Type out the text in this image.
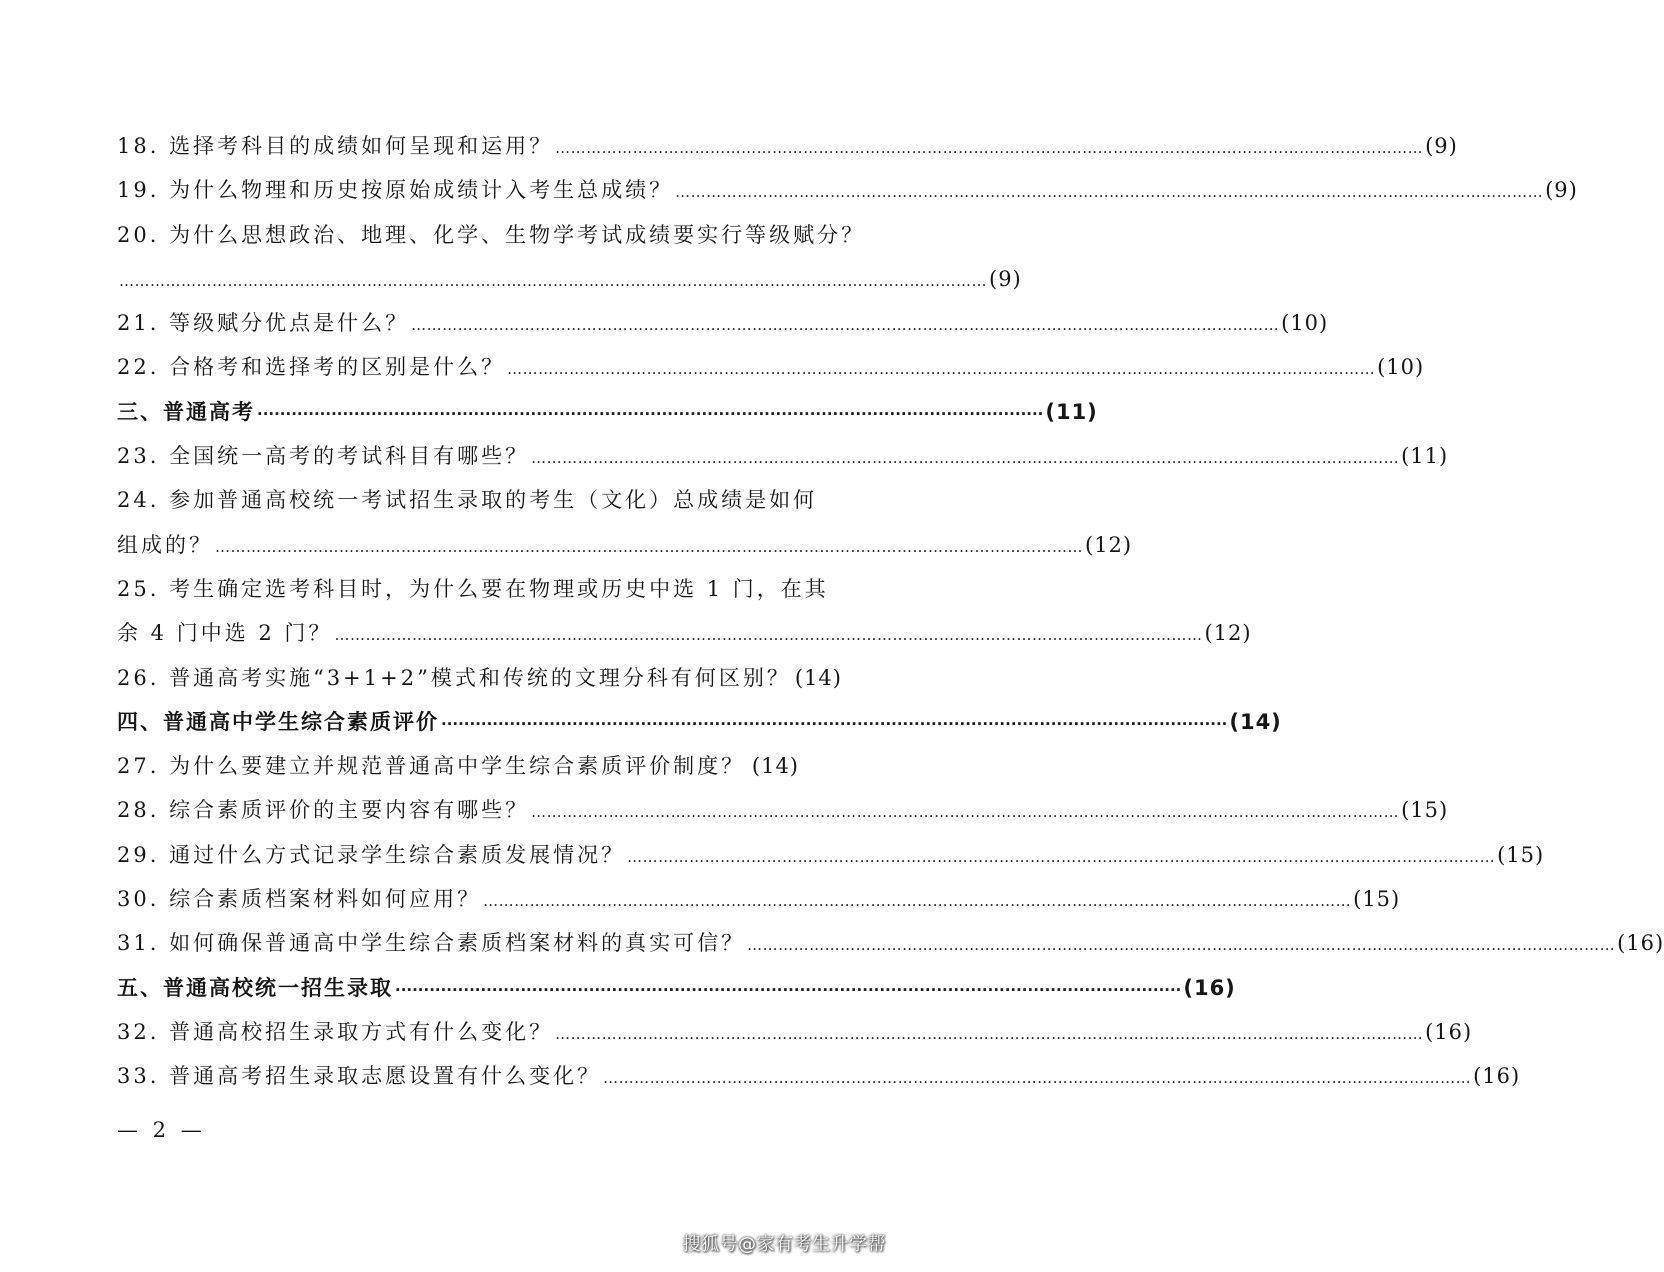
18. 选择考科目的成绩如何呈现和运用？ …………………………………………………………………………………………………………………………………………………… (9)
19. 为什么物理和历史按原始成绩计入考生总成绩？ …………………………………………………………………………………………………………………………………………………… (9)
20. 为什么思想政治、地理、化学、生物学考试成绩要实行等级赋分？
…………………………………………………………………………………………………………………………………………………… (9)
21. 等级赋分优点是什么？ …………………………………………………………………………………………………………………………………………………… (10)
22. 合格考和选择考的区别是什么？ …………………………………………………………………………………………………………………………………………………… (10)
三、普通高考 ·········································································································································· (11)
23. 全国统一高考的考试科目有哪些？ …………………………………………………………………………………………………………………………………………………… (11)
24. 参加普通高校统一考试招生录取的考生（文化）总成绩是如何
组成的？ …………………………………………………………………………………………………………………………………………………… (12)
25. 考生确定选考科目时，为什么要在物理或历史中选 1 门，在其
余 4 门中选 2 门？ …………………………………………………………………………………………………………………………………………………… (12)
26. 普通高考实施“3+1+2”模式和传统的文理分科有何区别？ (14)
四、普通高中学生综合素质评价 ·········································································································································· (14)
27. 为什么要建立并规范普通高中学生综合素质评价制度？ (14)
28. 综合素质评价的主要内容有哪些？ …………………………………………………………………………………………………………………………………………………… (15)
29. 通过什么方式记录学生综合素质发展情况？ …………………………………………………………………………………………………………………………………………………… (15)
30. 综合素质档案材料如何应用？ …………………………………………………………………………………………………………………………………………………… (15)
31. 如何确保普通高中学生综合素质档案材料的真实可信？ …………………………………………………………………………………………………………………………………………………… (16)
五、普通高校统一招生录取 ·········································································································································· (16)
32. 普通高校招生录取方式有什么变化？ …………………………………………………………………………………………………………………………………………………… (16)
33. 普通高考招生录取志愿设置有什么变化？ …………………………………………………………………………………………………………………………………………………… (16)
— 2 —
搜狐号@家有考生升学帮
